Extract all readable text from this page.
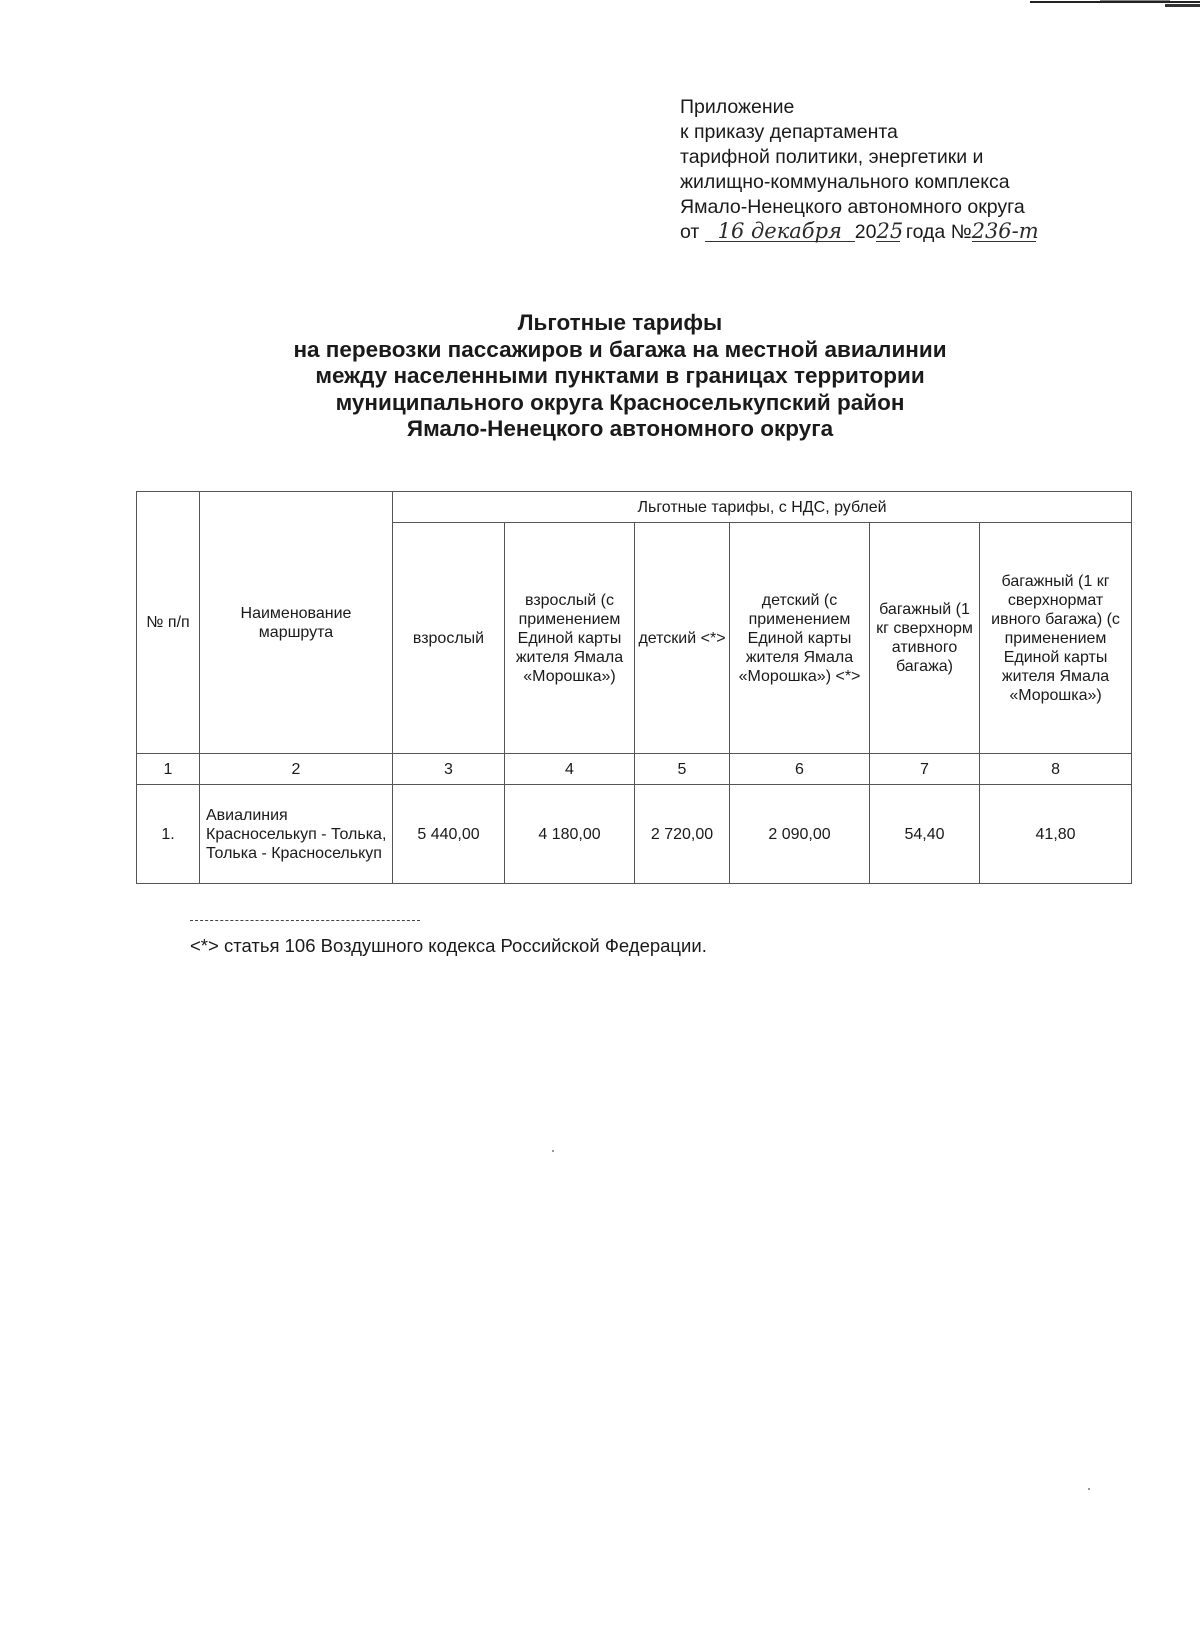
Приложение
к приказу департамента
тарифной политики, энергетики и
жилищно-коммунального комплекса
Ямало-Ненецкого автономного округа
от 16 декабря 2025 года №236-т
Льготные тарифы
на перевозки пассажиров и багажа на местной авиалинии
между населенными пунктами в границах территории
муниципального округа Красноселькупский район
Ямало-Ненецкого автономного округа
№ п/п	Наименование маршрута	Льготные тарифы, с НДС, рублей					
		взрослый	взрослый (с применением Единой карты жителя Ямала «Морошка»)	детский <*>	детский (с применением Единой карты жителя Ямала «Морошка») <*>	багажный (1 кг сверхнорм ативного багажа)	багажный (1 кг сверхнормат ивного багажа) (с применением Единой карты жителя Ямала «Морошка»)
1	2	3	4	5	6	7	8
1.	Авиалиния Красноселькуп - Толька, Толька - Красноселькуп	5 440,00	4 180,00	2 720,00	2 090,00	54,40	41,80
<*> статья 106 Воздушного кодекса Российской Федерации.
